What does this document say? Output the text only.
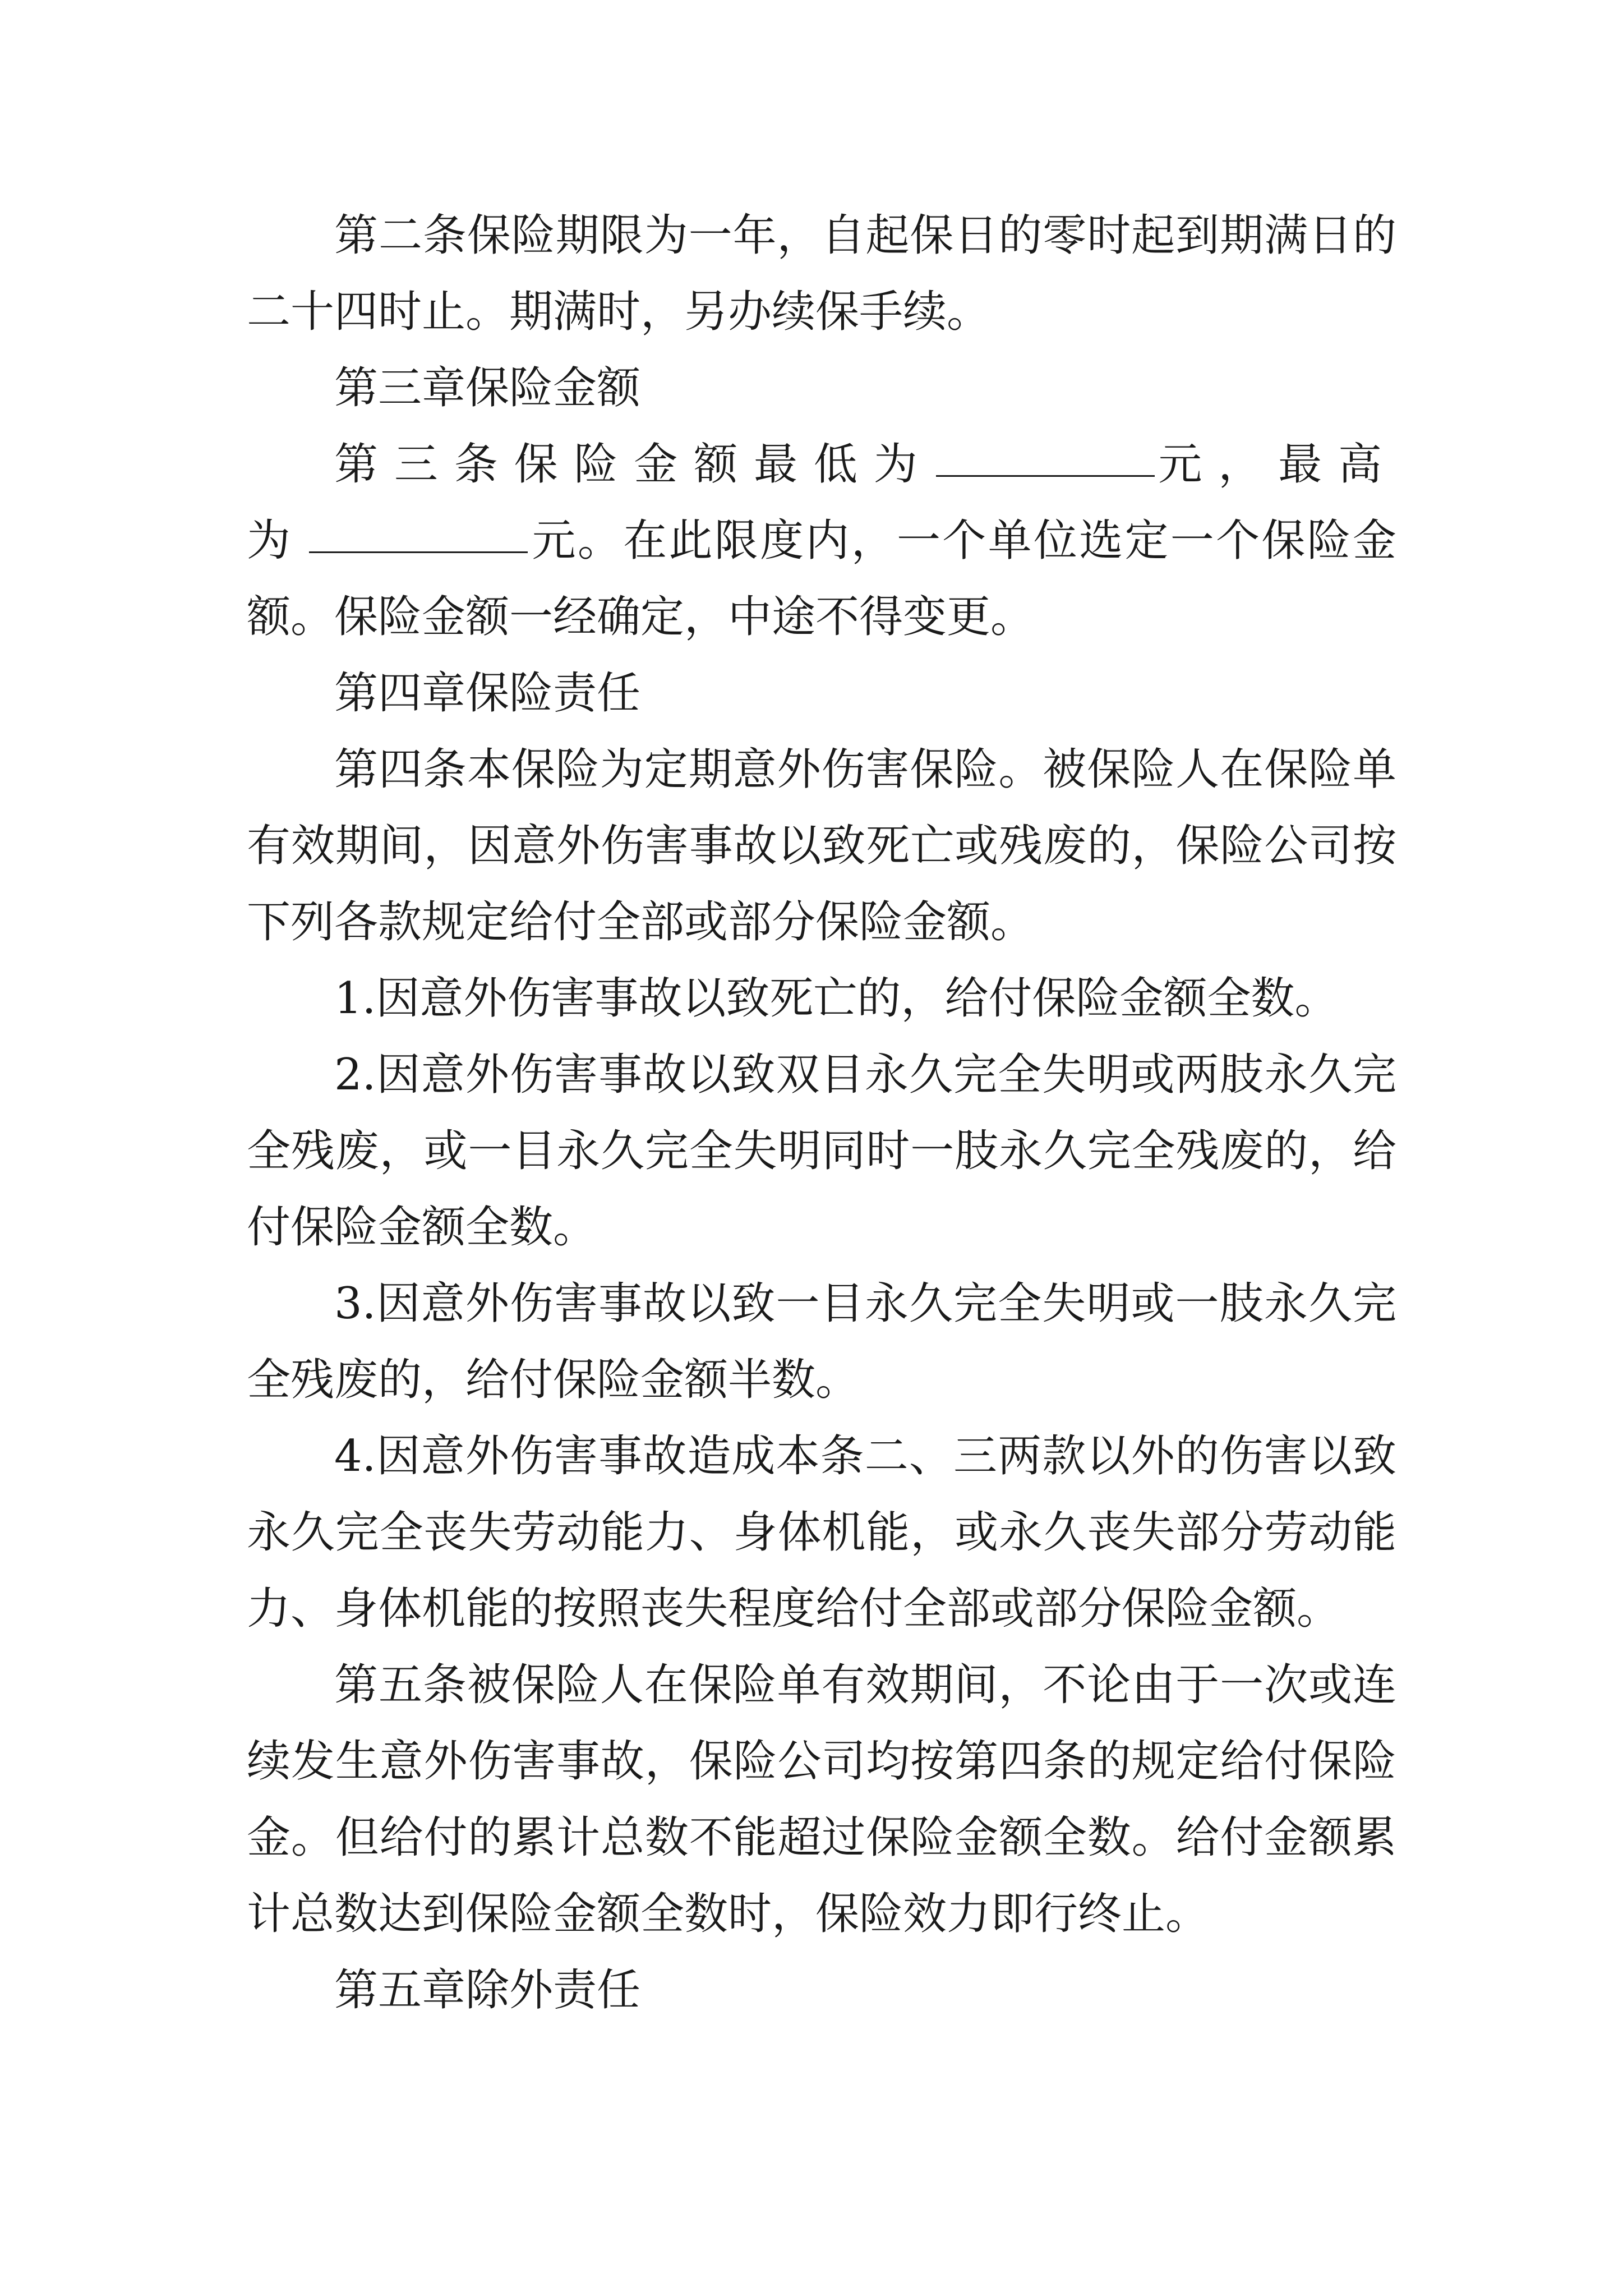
第二条保险期限为一年，自起保日的零时起到期满日的二十四时止。期满时，另办续保手续。

第三章保险金额

第三条保险金额最低为	元，最高为	元。在此限度内，一个单位选定一个保险金额。保险金额一经确定，中途不得变更。

第四章保险责任

第四条本保险为定期意外伤害保险。被保险人在保险单有效期间，因意外伤害事故以致死亡或残废的，保险公司按下列各款规定给付全部或部分保险金额。

1.因意外伤害事故以致死亡的，给付保险金额全数。

2.因意外伤害事故以致双目永久完全失明或两肢永久完全残废，或一目永久完全失明同时一肢永久完全残废的，给付保险金额全数。

3.因意外伤害事故以致一目永久完全失明或一肢永久完全残废的，给付保险金额半数。

4.因意外伤害事故造成本条二、三两款以外的伤害以致永久完全丧失劳动能力、身体机能，或永久丧失部分劳动能力、身体机能的按照丧失程度给付全部或部分保险金额。

第五条被保险人在保险单有效期间，不论由于一次或连续发生意外伤害事故，保险公司均按第四条的规定给付保险金。但给付的累计总数不能超过保险金额全数。给付金额累计总数达到保险金额全数时，保险效力即行终止。

第五章除外责任
